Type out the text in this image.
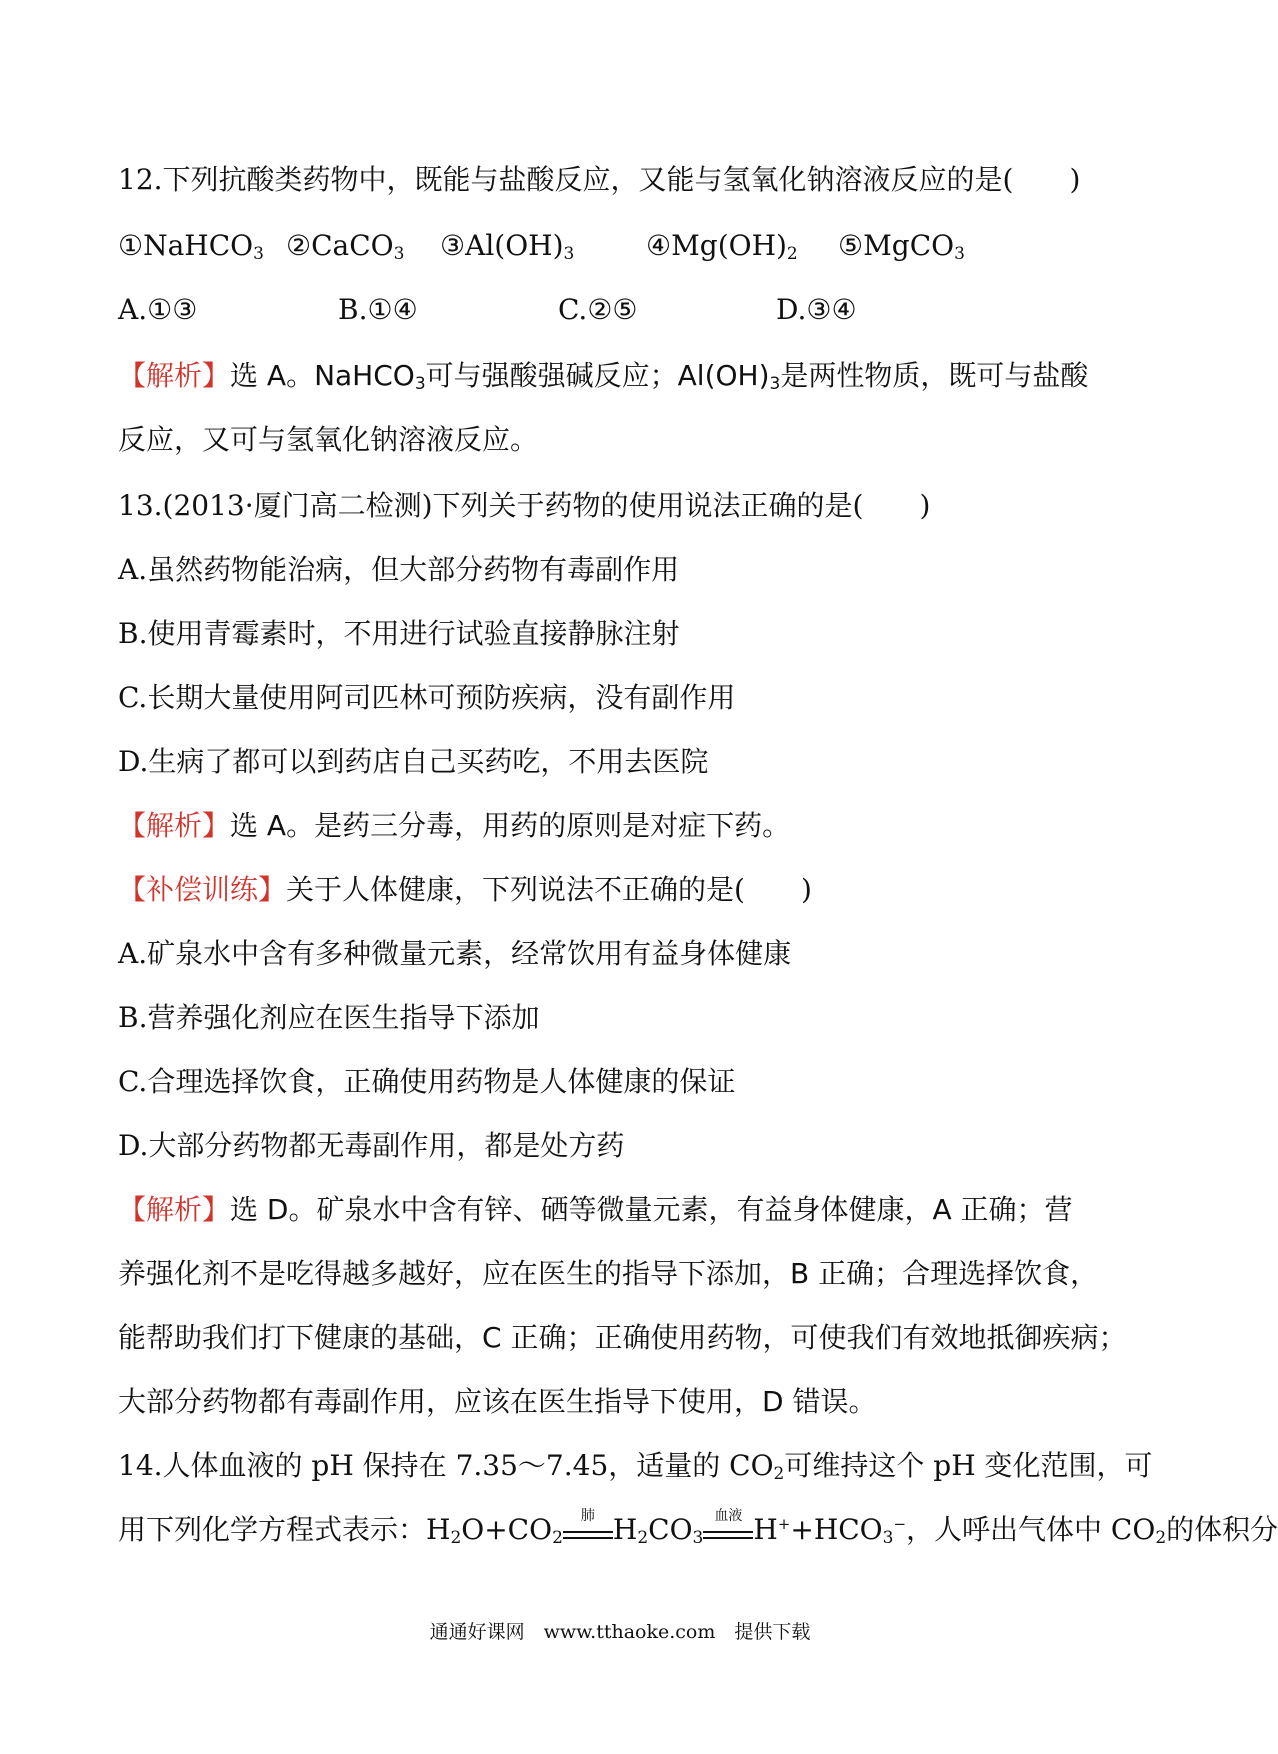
12.下列抗酸类药物中，既能与盐酸反应，又能与氢氧化钠溶液反应的是(　　)
①NaHCO$_3$ ②CaCO$_3$ $③Al(OH)_3$	$④Mg(OH)_2$ ⑤MgCO$_3$
A.①③	B.①④	C.②⑤	D.③④
【解析】选 A。NaHCO$_3$可与强酸强碱反应；$Al(OH)_3$是两性物质，既可与盐酸
反应，又可与氢氧化钠溶液反应。
13.(2013·厦门高二检测)下列关于药物的使用说法正确的是(　　)
A.虽然药物能治病，但大部分药物有毒副作用
B.使用青霉素时，不用进行试验直接静脉注射
C.长期大量使用阿司匹林可预防疾病，没有副作用
D.生病了都可以到药店自己买药吃，不用去医院
【解析】选 A。是药三分毒，用药的原则是对症下药。
【补偿训练】关于人体健康，下列说法不正确的是(　　)
A.矿泉水中含有多种微量元素，经常饮用有益身体健康
B.营养强化剂应在医生指导下添加
C.合理选择饮食，正确使用药物是人体健康的保证
D.大部分药物都无毒副作用，都是处方药
【解析】选 D。矿泉水中含有锌、硒等微量元素，有益身体健康，A 正确；营
养强化剂不是吃得越多越好，应在医生的指导下添加，B 正确；合理选择饮食，
能帮助我们打下健康的基础，C 正确；正确使用药物，可使我们有效地抵御疾病；
大部分药物都有毒副作用，应该在医生指导下使用，D 错误。
14.人体血液的 pH 保持在 7.35～7.45，适量的 $CO_2$可维持这个 pH 变化范围，可
用下列化学方程式表示：$H_2O+CO_2$
肺 $H_2CO_3$
血液 $H^++HCO_3^-$，人呼出气体中 $CO_2$的体积分
通通好课网　www.tthaoke.com　提供下载
